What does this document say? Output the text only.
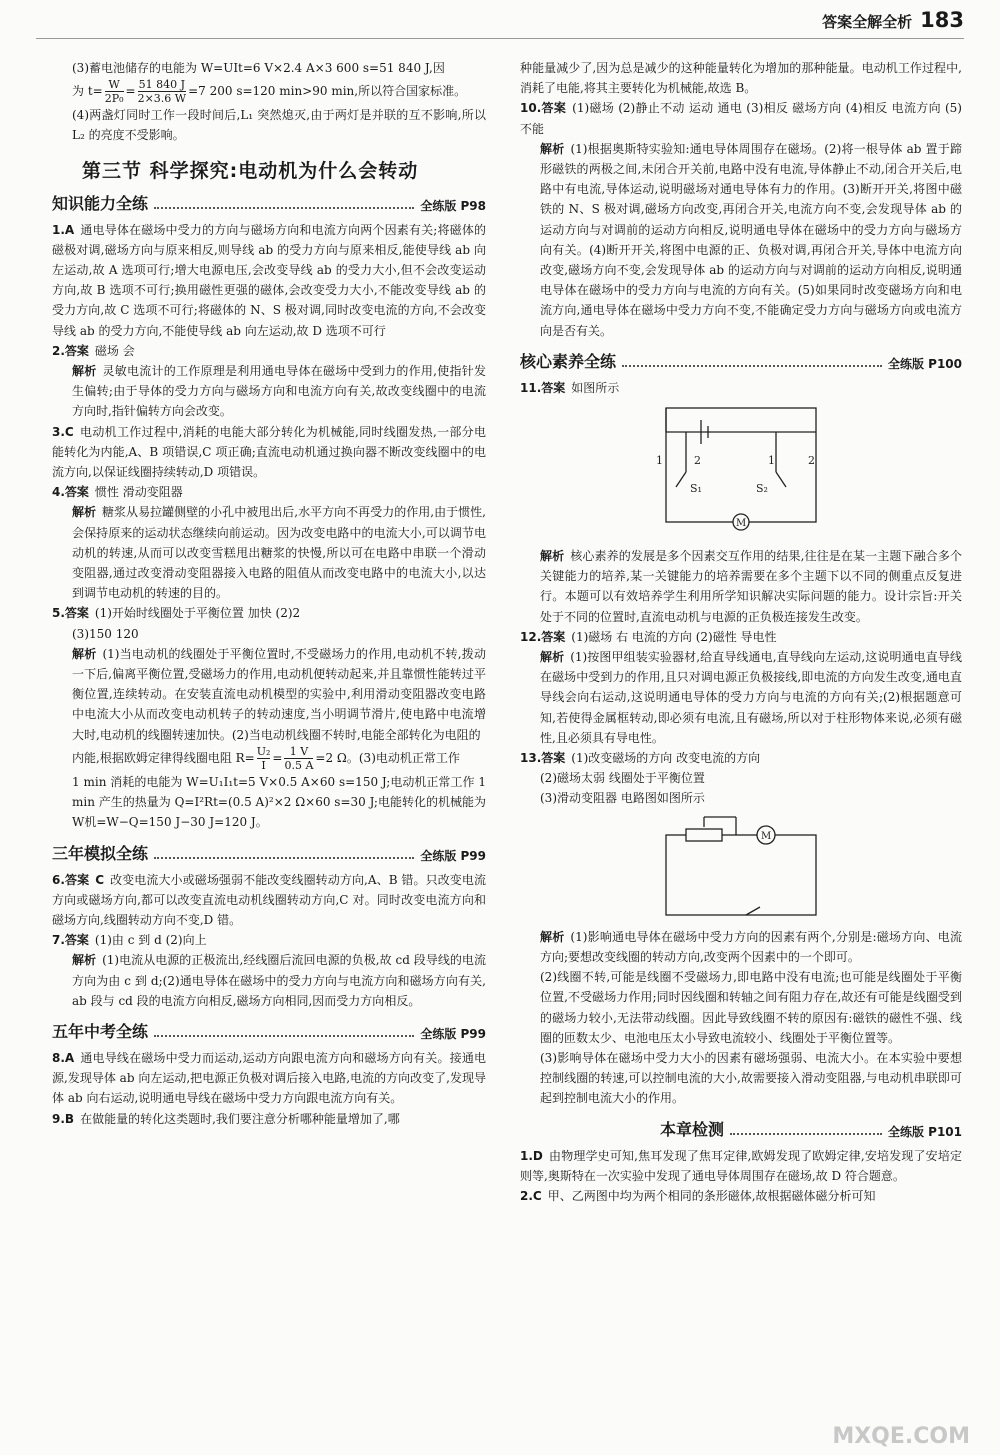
答案全解全析 183

(3)蓄电池储存的电能为 W=UIt=6 V×2.4 A×3 600 s=51 840 J,因

为 $t= \frac{W}{\text{2P₀}} = \frac{51 840 J}{2\times 3.6 W} =7$ 200 s=120 min>90 min,所以符合国家标准。

(4)两盏灯同时工作一段时间后,L₁ 突然熄灭,由于两灯是并联的互不影响,所以 L₂ 的亮度不受影响。

第三节 科学探究:电动机为什么会转动
知识能力全练	全练版 P98

1.A 通电导体在磁场中受力的方向与磁场方向和电流方向两个因素有关;将磁体的磁极对调,磁场方向与原来相反,则导线 ab 的受力方向与原来相反,能使导线 ab 向左运动,故 A 选项可行;增大电源电压,会改变导线 ab 的受力大小,但不会改变运动方向,故 B 选项不可行;换用磁性更强的磁体,会改变受力大小,不能改变导线 ab 的受力方向,故 C 选项不可行;将磁体的 N、S 极对调,同时改变电流的方向,不会改变导线 ab 的受力方向,不能使导线 ab 向左运动,故 D 选项不可行

2.答案 磁场 会

解析 灵敏电流计的工作原理是利用通电导体在磁场中受到力的作用,使指针发生偏转;由于导体的受力方向与磁场方向和电流方向有关,故改变线圈中的电流方向时,指针偏转方向会改变。

3.C 电动机工作过程中,消耗的电能大部分转化为机械能,同时线圈发热,一部分电能转化为内能,A、B 项错误,C 项正确;直流电动机通过换向器不断改变线圈中的电流方向,以保证线圈持续转动,D 项错误。

4.答案 惯性 滑动变阻器

解析 糖浆从易拉罐侧壁的小孔中被甩出后,水平方向不再受力的作用,由于惯性,会保持原来的运动状态继续向前运动。因为改变电路中的电流大小,可以调节电动机的转速,从而可以改变雪糕甩出糖浆的快慢,所以可在电路中串联一个滑动变阻器,通过改变滑动变阻器接入电路的阻值从而改变电路中的电流大小,以达到调节电动机的转速的目的。

5.答案 (1)开始时线圈处于平衡位置 加快 (2)2

(3)150 120

解析 (1)当电动机的线圈处于平衡位置时,不受磁场力的作用,电动机不转,拨动一下后,偏离平衡位置,受磁场力的作用,电动机便转动起来,并且靠惯性能转过平衡位置,连续转动。在安装直流电动机模型的实验中,利用滑动变阻器改变电路中电流大小从而改变电动机转子的转动速度,当小明调节滑片,使电路中电流增大时,电动机的线圈转速加快。(2)当电动机线圈不转时,电能全部转化为电阻的

内能,根据欧姆定律得线圈电阻 $R= \frac{\text{U₂}}{I} = \frac{1 V}{0.5 A} =2$ Ω。(3)电动机正常工作

1 min 消耗的电能为 W=U₁I₁t=5 V×0.5 A×60 s=150 J;电动机正常工作 1 min 产生的热量为 Q=I²Rt=(0.5 A)²×2 Ω×60 s=30 J;电能转化的机械能为 W机=W−Q=150 J−30 J=120 J。

三年模拟全练	全练版 P99

6.答案 C 改变电流大小或磁场强弱不能改变线圈转动方向,A、B 错。只改变电流方向或磁场方向,都可以改变直流电动机线圈转动方向,C 对。同时改变电流方向和磁场方向,线圈转动方向不变,D 错。

7.答案 (1)由 c 到 d (2)向上

解析 (1)电流从电源的正极流出,经线圈后流回电源的负极,故 cd 段导线的电流方向为由 c 到 d;(2)通电导体在磁场中的受力方向与电流方向和磁场方向有关,ab 段与 cd 段的电流方向相反,磁场方向相同,因而受力方向相反。

五年中考全练	全练版 P99

8.A 通电导线在磁场中受力而运动,运动方向跟电流方向和磁场方向有关。接通电源,发现导体 ab 向左运动,把电源正负极对调后接入电路,电流的方向改变了,发现导体 ab 向右运动,说明通电导线在磁场中受力方向跟电流方向有关。

9.B 在做能量的转化这类题时,我们要注意分析哪种能量增加了,哪

种能量减少了,因为总是减少的这种能量转化为增加的那种能量。电动机工作过程中,消耗了电能,将其主要转化为机械能,故选 B。

10.答案 (1)磁场 (2)静止不动 运动 通电 (3)相反 磁场方向 (4)相反 电流方向 (5)不能

解析 (1)根据奥斯特实验知:通电导体周围存在磁场。(2)将一根导体 ab 置于蹄形磁铁的两极之间,未闭合开关前,电路中没有电流,导体静止不动,闭合开关后,电路中有电流,导体运动,说明磁场对通电导体有力的作用。(3)断开开关,将图中磁铁的 N、S 极对调,磁场方向改变,再闭合开关,电流方向不变,会发现导体 ab 的运动方向与对调前的运动方向相反,说明通电导体在磁场中的受力方向与磁场方向有关。(4)断开开关,将图中电源的正、负极对调,再闭合开关,导体中电流方向改变,磁场方向不变,会发现导体 ab 的运动方向与对调前的运动方向相反,说明通电导体在磁场中的受力方向与电流的方向有关。(5)如果同时改变磁场方向和电流方向,通电导体在磁场中受力方向不变,不能确定受力方向与磁场方向或电流方向是否有关。

核心素养全练	全练版 P100

11.答案 如图所示

1	2	1	2
S₁	S₂
M

解析 核心素养的发展是多个因素交互作用的结果,往往是在某一主题下融合多个关键能力的培养,某一关键能力的培养需要在多个主题下以不同的侧重点反复进行。本题可以有效培养学生利用所学知识解决实际问题的能力。设计宗旨:开关处于不同的位置时,直流电动机与电源的正负极连接发生改变。

12.答案 (1)磁场 右 电流的方向 (2)磁性 导电性

解析 (1)按图甲组装实验器材,给直导线通电,直导线向左运动,这说明通电直导线在磁场中受到力的作用,且只对调电源正负极接线,即电流的方向发生改变,通电直导线会向右运动,这说明通电导体的受力方向与电流的方向有关;(2)根据题意可知,若使得金属框转动,即必须有电流,且有磁场,所以对于柱形物体来说,必须有磁性,且必须具有导电性。

13.答案 (1)改变磁场的方向 改变电流的方向

(2)磁场太弱 线圈处于平衡位置

(3)滑动变阻器 电路图如图所示

M

解析 (1)影响通电导体在磁场中受力方向的因素有两个,分别是:磁场方向、电流方向;要想改变线圈的转动方向,改变两个因素中的一个即可。

(2)线圈不转,可能是线圈不受磁场力,即电路中没有电流;也可能是线圈处于平衡位置,不受磁场力作用;同时因线圈和转轴之间有阻力存在,故还有可能是线圈受到的磁场力较小,无法带动线圈。因此导致线圈不转的原因有:磁铁的磁性不强、线圈的匝数太少、电池电压太小导致电流较小、线圈处于平衡位置等。

(3)影响导体在磁场中受力大小的因素有磁场强弱、电流大小。在本实验中要想控制线圈的转速,可以控制电流的大小,故需要接入滑动变阻器,与电动机串联即可起到控制电流大小的作用。

本章检测	全练版 P101

1.D 由物理学史可知,焦耳发现了焦耳定律,欧姆发现了欧姆定律,安培发现了安培定则等,奥斯特在一次实验中发现了通电导体周围存在磁场,故 D 符合题意。

2.C 甲、乙两图中均为两个相同的条形磁体,故根据磁体磁分析可知

MXQE.COM
